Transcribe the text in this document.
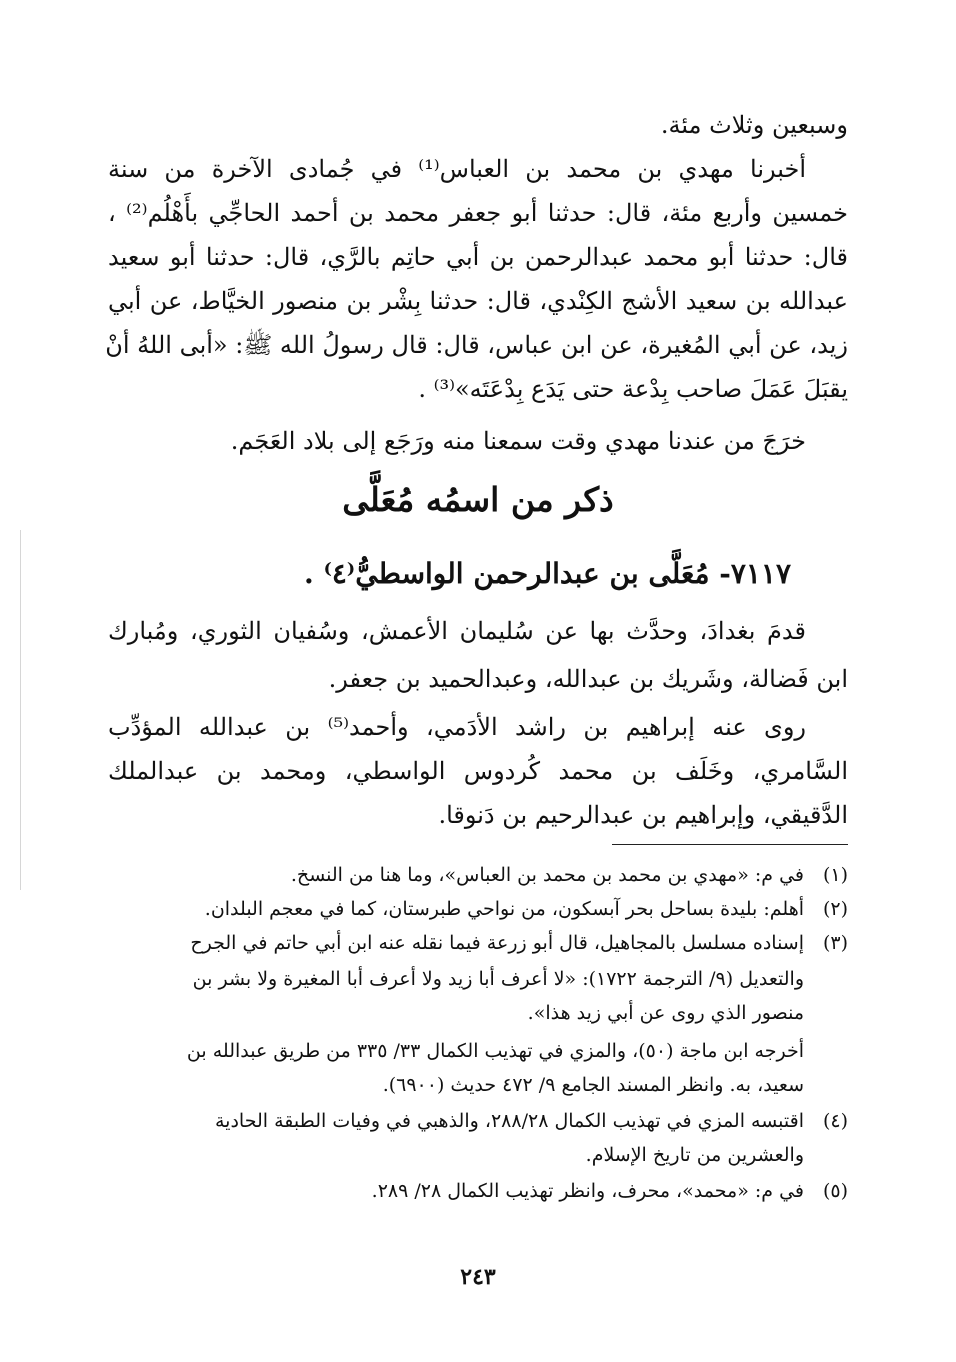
وسبعين وثلاث مئة.
أخبرنا مهدي بن محمد بن العباس⁽¹⁾ في جُمادى الآخرة من سنة
خمسين وأربع مئة، قال: حدثنا أبو جعفر محمد بن أحمد الحاجِّي بأَهْلُم⁽²⁾ ،
قال: حدثنا أبو محمد عبدالرحمن بن أبي حاتِم بالرَّي، قال: حدثنا أبو سعيد
عبدالله بن سعيد الأشج الكِنْدي، قال: حدثنا بِشْر بن منصور الخيَّاط، عن أبي
زيد، عن أبي المُغيرة، عن ابن عباس، قال: قال رسولُ الله ﷺ: «أبى اللهُ أنْ
يقبَلَ عَمَلَ صاحب بِدْعة حتى يَدَع بِدْعَتَه»⁽³⁾ .
خرَجَ من عندنا مهدي وقت سمعنا منه ورَجَع إلى بلاد العَجَم.
ذكر من اسمُه مُعَلَّى
٧١١٧- مُعَلَّى بن عبدالرحمن الواسطيُّ⁽٤⁾ .
قدمَ بغدادَ، وحدَّث بها عن سُليمان الأعمش، وسُفيان الثوري، ومُبارك
ابن فَضالة، وشَريك بن عبدالله، وعبدالحميد بن جعفر.
روى عنه إبراهيم بن راشد الأدَمي، وأحمد⁽⁵⁾ بن عبدالله المؤدِّب
السَّامري، وخَلَف بن محمد كُردوس الواسطي، ومحمد بن عبدالملك
الدَّقيقي، وإبراهيم بن عبدالرحيم بن دَنوقا.
(١)في م: «مهدي بن محمد بن محمد بن العباس»، وما هنا من النسخ.
(٢)أهلم: بليدة بساحل بحر آبسكون، من نواحي طبرستان، كما في معجم البلدان.
(٣)إسناده مسلسل بالمجاهيل، قال أبو زرعة فيما نقله عنه ابن أبي حاتم في الجرح
والتعديل (٩/ الترجمة ١٧٢٢): «لا أعرف أبا زيد ولا أعرف أبا المغيرة ولا بشر بن
منصور الذي روى عن أبي زيد هذا».
أخرجه ابن ماجة (٥٠)، والمزي في تهذيب الكمال ٣٣/ ٣٣٥ من طريق عبدالله بن
سعيد، به. وانظر المسند الجامع ٩/ ٤٧٢ حديث (٦٩٠٠).
(٤)اقتبسه المزي في تهذيب الكمال ٢٨٨/٢٨، والذهبي في وفيات الطبقة الحادية
والعشرين من تاريخ الإسلام.
(٥)في م: «محمد»، محرف، وانظر تهذيب الكمال ٢٨/ ٢٨٩.
٢٤٣
